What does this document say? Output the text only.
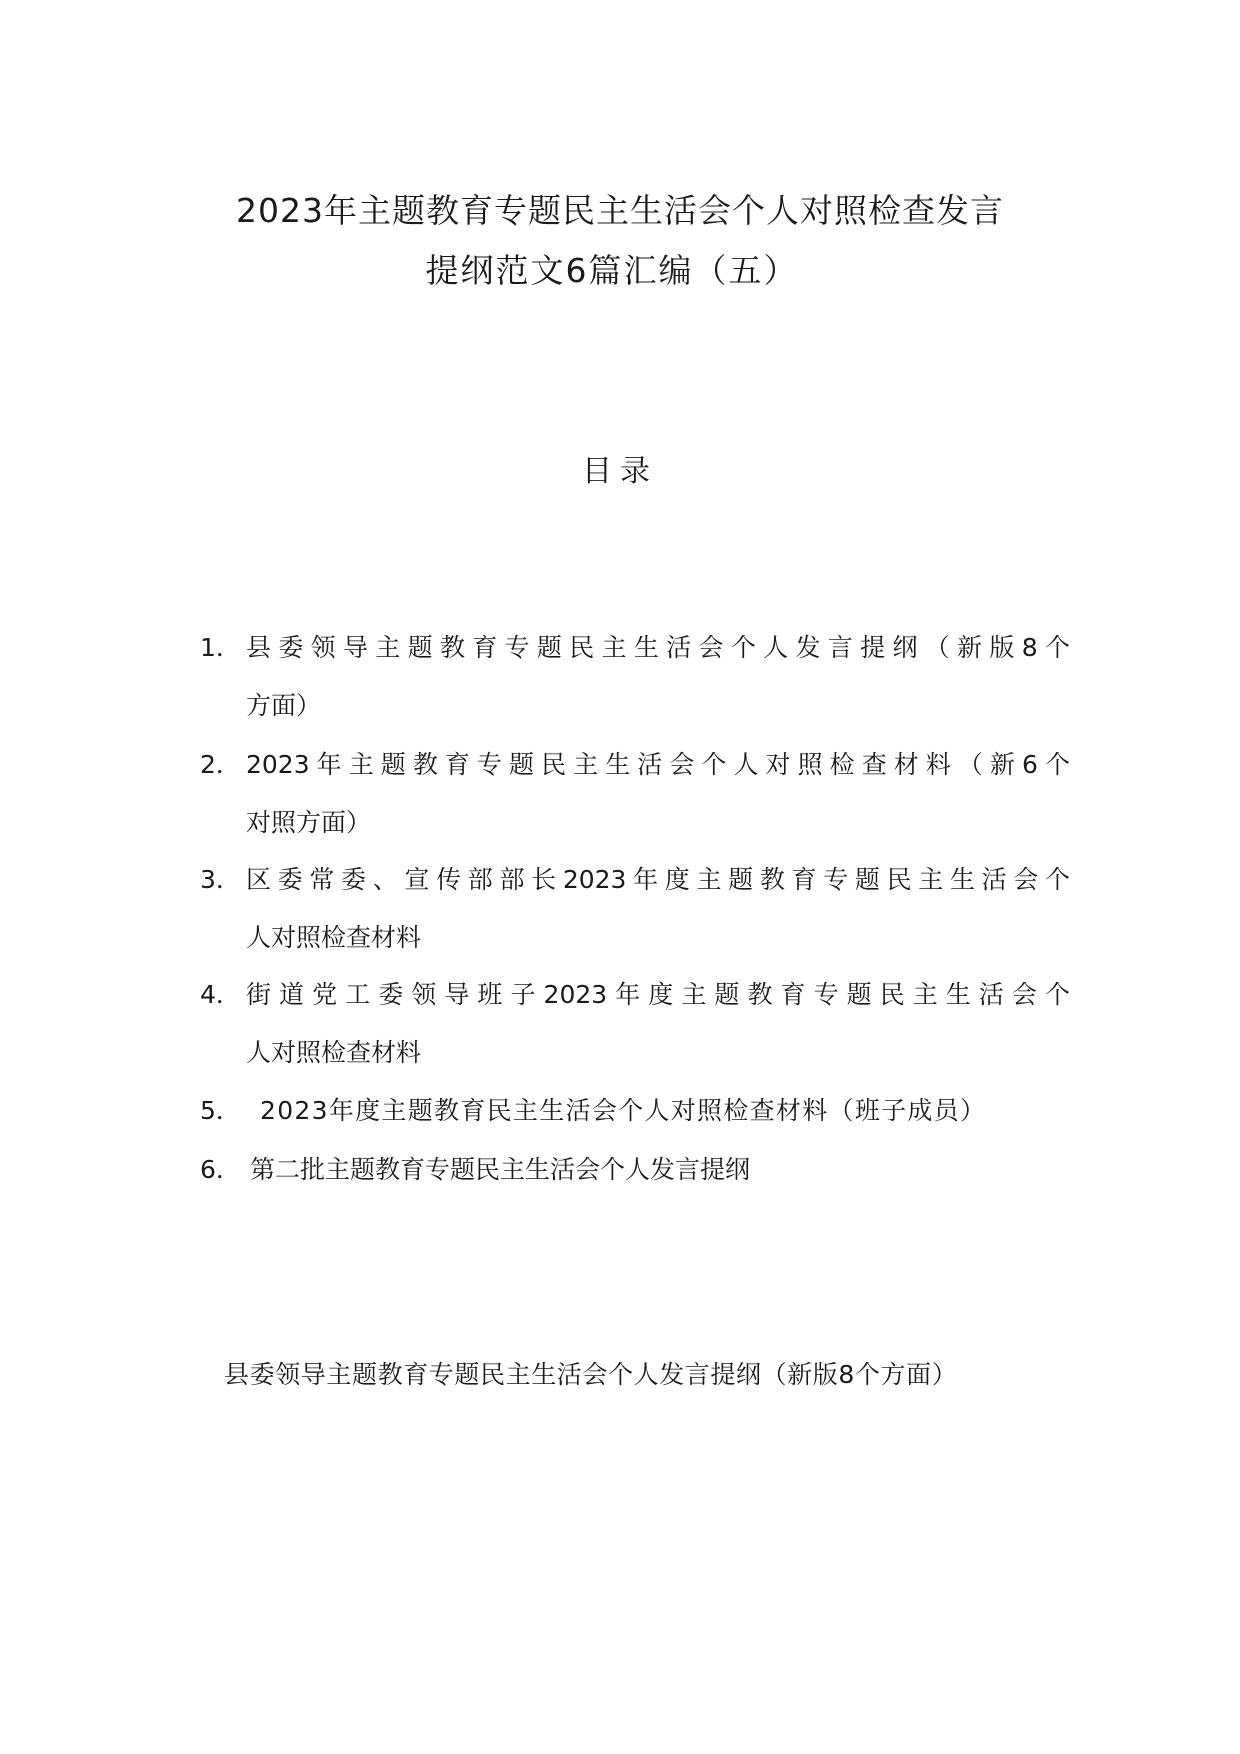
2023年主题教育专题民主生活会个人对照检查发言
提纲范文6篇汇编（五）
目录
1． 县委领导主题教育专题民主生活会个人发言提纲（新版8个
方面）
2． 2023年主题教育专题民主生活会个人对照检查材料（新6个
对照方面）
3． 区委常委、宣传部部长2023年度主题教育专题民主生活会个
人对照检查材料
4． 街道党工委领导班子2023年度主题教育专题民主生活会个
人对照检查材料
5． 2023年度主题教育民主生活会个人对照检查材料（班子成员）
6． 第二批主题教育专题民主生活会个人发言提纲
县委领导主题教育专题民主生活会个人发言提纲（新版8个方面）
